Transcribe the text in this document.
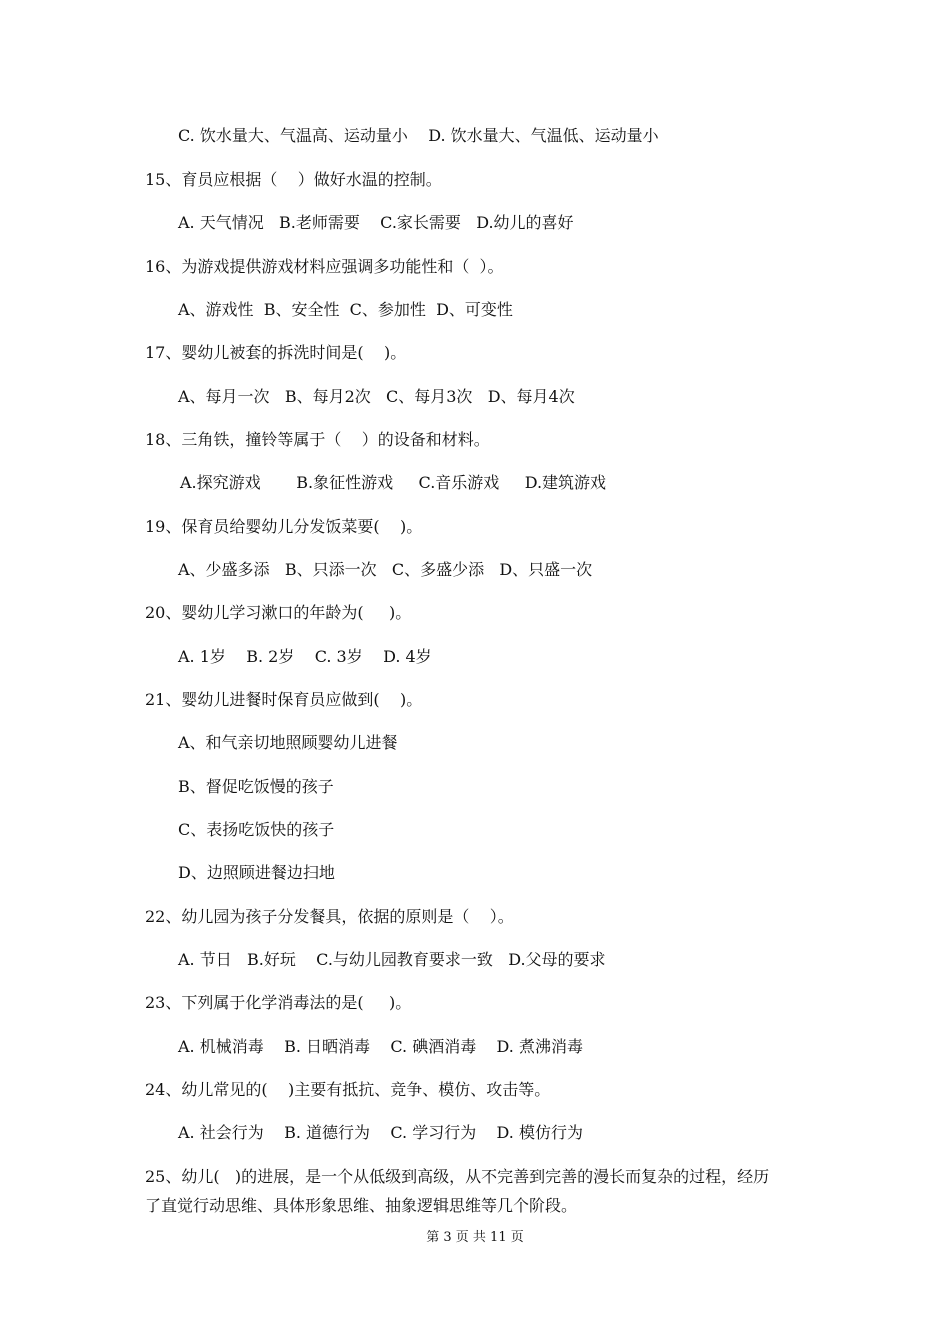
C. 饮水量大、气温高、运动量小    D. 饮水量大、气温低、运动量小
15、育员应根据（    ）做好水温的控制。
A. 天气情况   B.老师需要    C.家长需要   D.幼儿的喜好
16、为游戏提供游戏材料应强调多功能性和（  ）。
A、游戏性  B、安全性  C、参加性  D、可变性
17、婴幼儿被套的拆洗时间是(    )。
A、每月一次   B、每月2次   C、每月3次   D、每月4次
18、三角铁，撞铃等属于（    ）的设备和材料。
A.探究游戏       B.象征性游戏     C.音乐游戏     D.建筑游戏
19、保育员给婴幼儿分发饭菜要(    )。
A、少盛多添   B、只添一次   C、多盛少添   D、只盛一次
20、婴幼儿学习漱口的年龄为(     )。
A. 1岁    B. 2岁    C. 3岁    D. 4岁
21、婴幼儿进餐时保育员应做到(    )。
A、和气亲切地照顾婴幼儿进餐
B、督促吃饭慢的孩子
C、表扬吃饭快的孩子
D、边照顾进餐边扫地
22、幼儿园为孩子分发餐具，依据的原则是（    ）。
A. 节日   B.好玩    C.与幼儿园教育要求一致   D.父母的要求
23、下列属于化学消毒法的是(     )。
A. 机械消毒    B. 日晒消毒    C. 碘酒消毒    D. 煮沸消毒
24、幼儿常见的(    )主要有抵抗、竞争、模仿、攻击等。
A. 社会行为    B. 道德行为    C. 学习行为    D. 模仿行为
25、幼儿(   )的进展，是一个从低级到高级，从不完善到完善的漫长而复杂的过程，经历
了直觉行动思维、具体形象思维、抽象逻辑思维等几个阶段。
第 3 页 共 11 页
